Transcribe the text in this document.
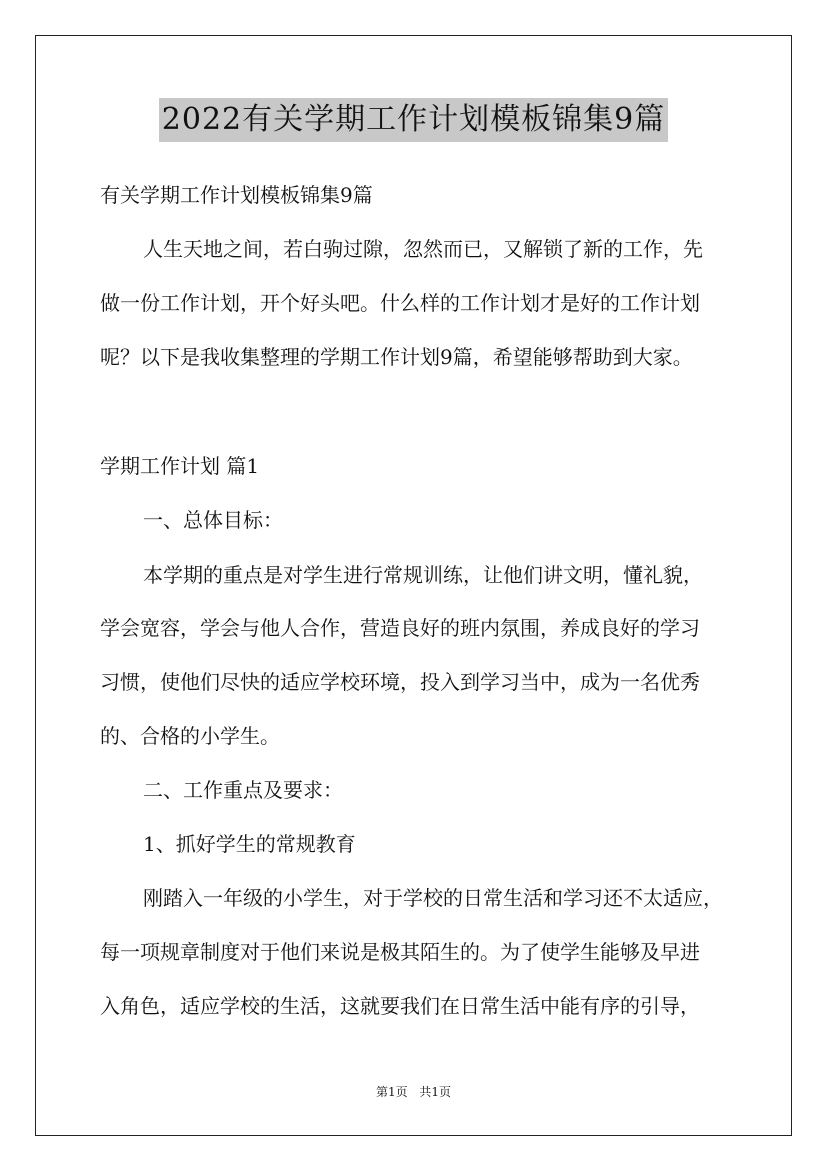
2022有关学期工作计划模板锦集9篇
有关学期工作计划模板锦集9篇
人生天地之间，若白驹过隙，忽然而已，又解锁了新的工作，先
做一份工作计划，开个好头吧。什么样的工作计划才是好的工作计划
呢？以下是我收集整理的学期工作计划9篇，希望能够帮助到大家。
学期工作计划 篇1
一、总体目标：
本学期的重点是对学生进行常规训练，让他们讲文明，懂礼貌，
学会宽容，学会与他人合作，营造良好的班内氛围，养成良好的学习
习惯，使他们尽快的适应学校环境，投入到学习当中，成为一名优秀
的、合格的小学生。
二、工作重点及要求：
1、抓好学生的常规教育
刚踏入一年级的小学生，对于学校的日常生活和学习还不太适应，
每一项规章制度对于他们来说是极其陌生的。为了使学生能够及早进
入角色，适应学校的生活，这就要我们在日常生活中能有序的引导，
第1页 共1页
